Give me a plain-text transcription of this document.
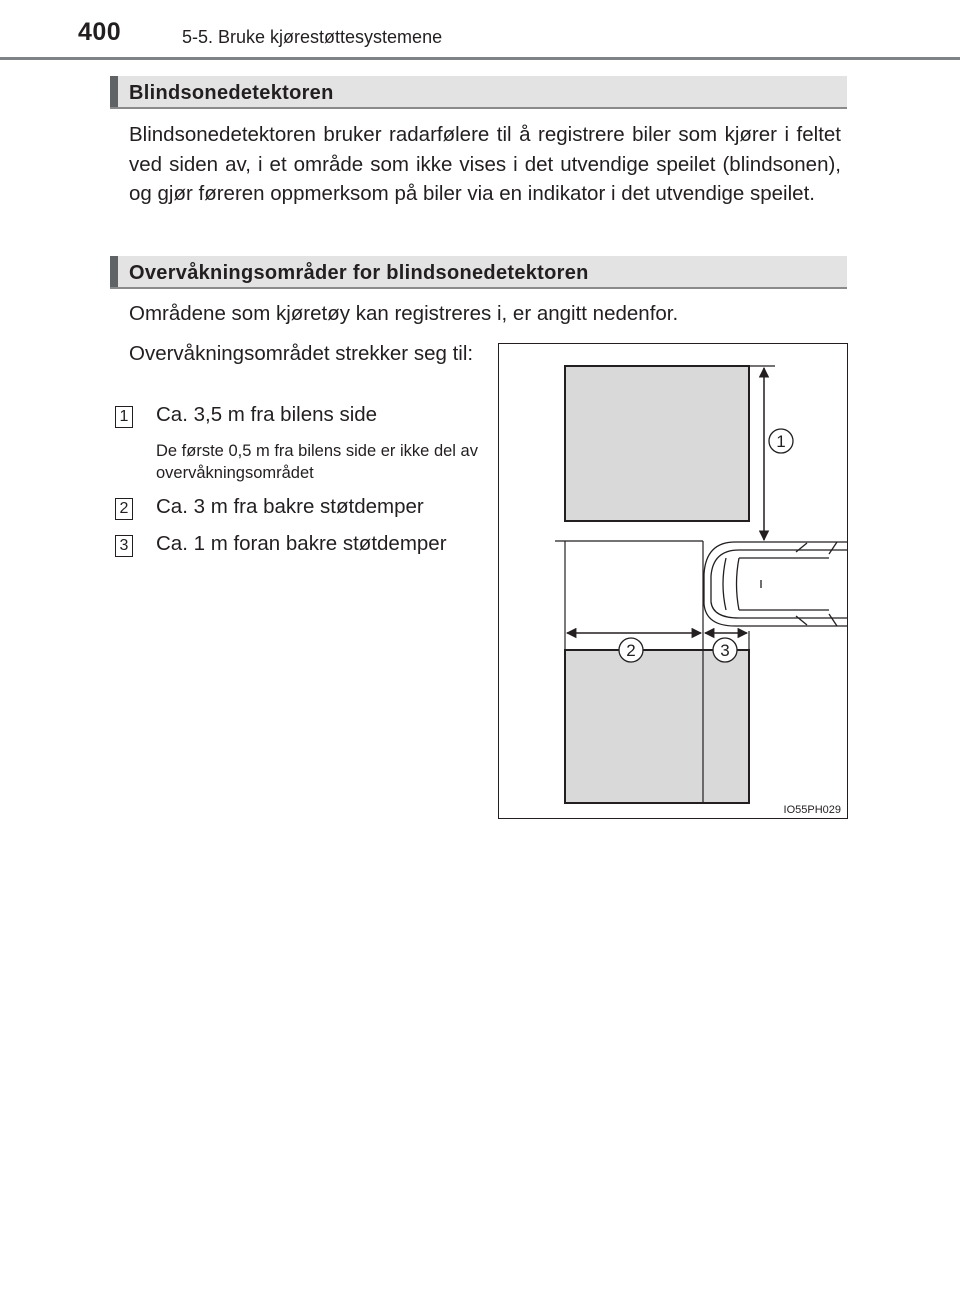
400	5-5. Bruke kjørestøttesystemene
Blindsonedetektoren

Blindsonedetektoren bruker radarfølere til å registrere biler som kjører i feltet ved siden av, i et område som ikke vises i det utvendige speilet (blindsonen), og gjør føreren oppmerksom på biler via en indikator i det utvendige speilet.

Overvåkningsområder for blindsonedetektoren

Områdene som kjøretøy kan registreres i, er angitt nedenfor.

Overvåkningsområdet strekker seg til:

1 Ca. 3,5 m fra bilens side
De første 0,5 m fra bilens side er ikke del av overvåkningsområdet
2 Ca. 3 m fra bakre støtdemper
3 Ca. 1 m foran bakre støtdemper
1
2	3
IO55PH029
